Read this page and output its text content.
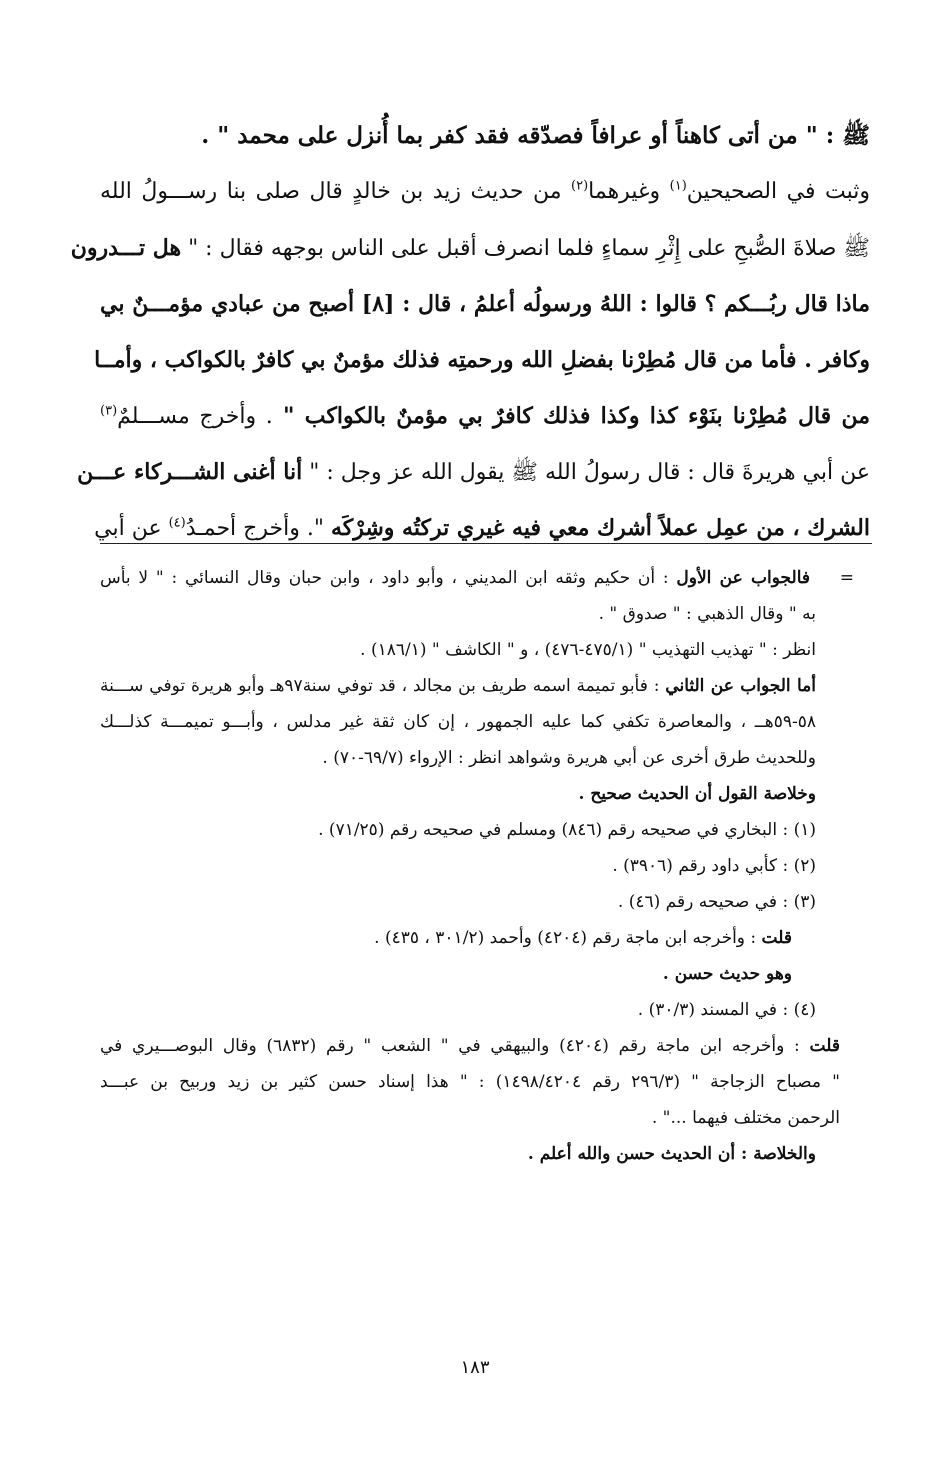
ﷺ : " من أتى كاهناً أو عرافاً فصدّقه فقد كفر بما أُنزل على محمد " .
وثبت في الصحيحين$^{(١)}$ وغيرهما$^{(٢)}$ من حديث زيد بن خالدٍ قال صلى بنا رســـولُ الله
ﷺ صلاةَ الصُّبحِ على إِثْرِ سماءٍ فلما انصرف أقبل على الناس بوجهه فقال : " هل تـــدرون
ماذا قال ربُـــكم ؟ قالوا : اللهُ ورسولُه أعلمُ ، قال : [٨] أصبح من عبادي مؤمـــنٌ بي
وكافر . فأما من قال مُطِرْنا بفضلِ الله ورحمتِه فذلك مؤمنٌ بي كافرٌ بالكواكب ، وأمــا
من قال مُطِرْنا بنَوْء كذا وكذا فذلك كافرٌ بي مؤمنٌ بالكواكب " . وأخرج مســـلمٌ$^{(٣)}$
عن أبي هريرةَ قال : قال رسولُ الله ﷺ يقول الله عز وجل : " أنا أغنى الشـــركاء عـــن
الشرك ، من عمِل عملاً أشرك معي فيه غيري تركتُه وشِرْكَه ". وأخرج أحمـدُ$^{(٤)}$ عن أبي
=
فالجواب عن الأول : أن حكيم وثقه ابن المديني ، وأبو داود ، وابن حبان وقال النسائي : " لا بأس
به " وقال الذهبي : " صدوق " .
انظر : " تهذيب التهذيب " (٤٧٥/١-٤٧٦) ، و " الكاشف " (١٨٦/١) .
أما الجواب عن الثاني : فأبو تميمة اسمه طريف بن مجالد ، قد توفي سنة٩٧هـ وأبو هريرة توفي ســـنة
٥٨-٥٩هــ ، والمعاصرة تكفي كما عليه الجمهور ، إن كان ثقة غير مدلس ، وأبـــو تميمـــة كذلـــك
وللحديث طرق أخرى عن أبي هريرة وشواهد انظر : الإرواء (٦٩/٧-٧٠) .
وخلاصة القول أن الحديث صحيح .
(١) : البخاري في صحيحه رقم (٨٤٦) ومسلم في صحيحه رقم (٧١/٢٥) .
(٢) : كأبي داود رقم (٣٩٠٦) .
(٣) : في صحيحه رقم (٤٦) .
قلت : وأخرجه ابن ماجة رقم (٤٢٠٤) وأحمد (٣٠١/٢ ، ٤٣٥) .
وهو حديث حسن .
(٤) : في المسند (٣٠/٣) .
قلت : وأخرجه ابن ماجة رقم (٤٢٠٤) والبيهقي في " الشعب " رقم (٦٨٣٢) وقال البوصـــيري في
" مصباح الزجاجة " (٢٩٦/٣ رقم ١٤٩٨/٤٢٠٤) : " هذا إسناد حسن كثير بن زيد وربيح بن عبـــد
الرحمن مختلف فيهما ..." .
والخلاصة : أن الحديث حسن والله أعلم .
١٨٣
